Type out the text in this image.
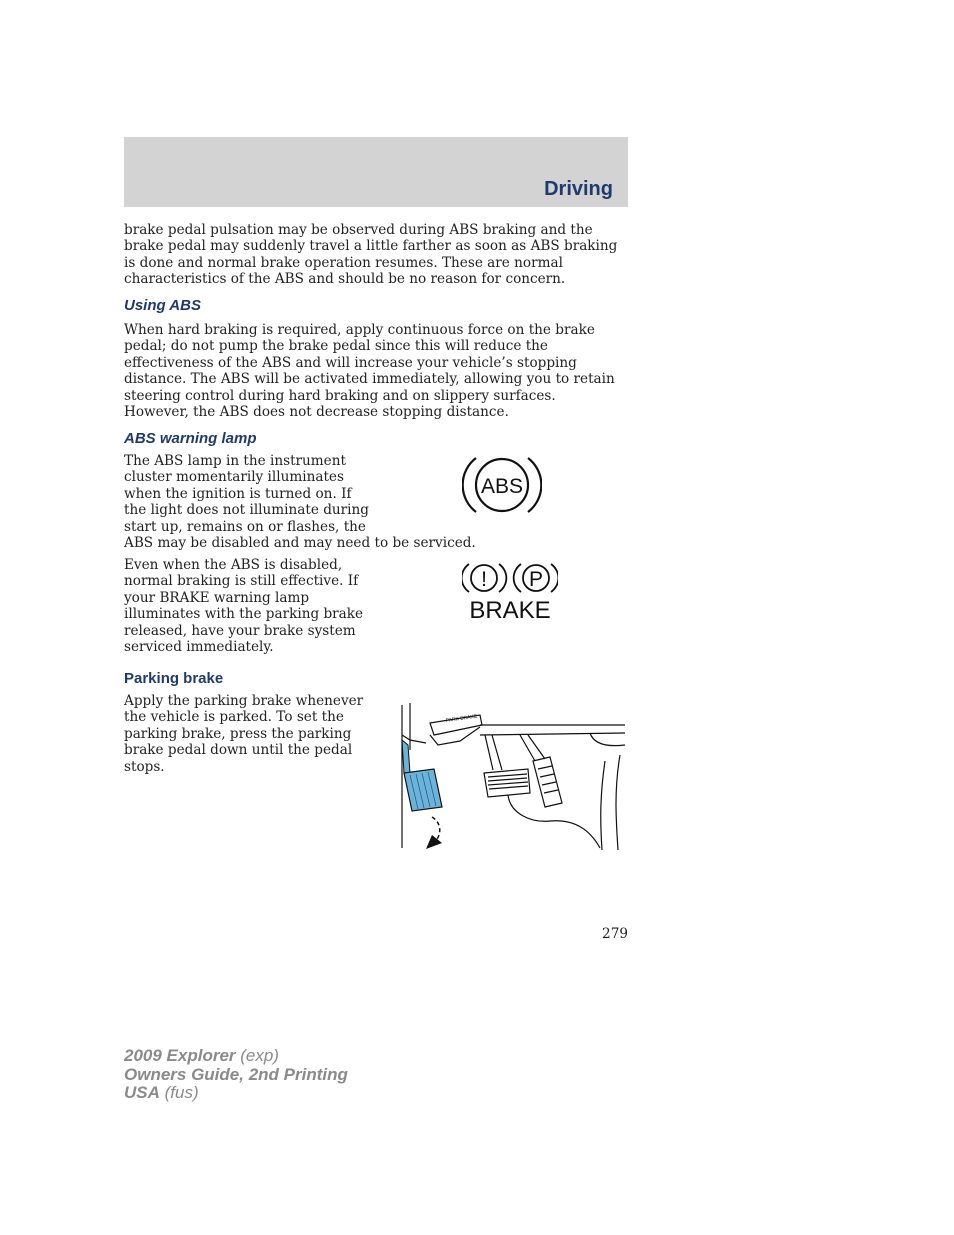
Driving

brake pedal pulsation may be observed during ABS braking and the brake pedal may suddenly travel a little farther as soon as ABS braking is done and normal brake operation resumes. These are normal characteristics of the ABS and should be no reason for concern.

Using ABS

When hard braking is required, apply continuous force on the brake pedal; do not pump the brake pedal since this will reduce the effectiveness of the ABS and will increase your vehicle’s stopping distance. The ABS will be activated immediately, allowing you to retain steering control during hard braking and on slippery surfaces. However, the ABS does not decrease stopping distance.

ABS warning lamp
The ABS lamp in the instrument
cluster momentarily illuminates
when the ignition is turned on. If
the light does not illuminate during
start up, remains on or flashes, the
ABS may be disabled and may need to be serviced.
ABS
Even when the ABS is disabled,
normal braking is still effective. If
your BRAKE warning lamp
illuminates with the parking brake
released, have your brake system
serviced immediately.
! P
BRAKE
Parking brake
Apply the parking brake whenever
the vehicle is parked. To set the
parking brake, press the parking
brake pedal down until the pedal
stops.
PARK BRAKE
279
2009 Explorer (exp)
Owners Guide, 2nd Printing
USA (fus)
